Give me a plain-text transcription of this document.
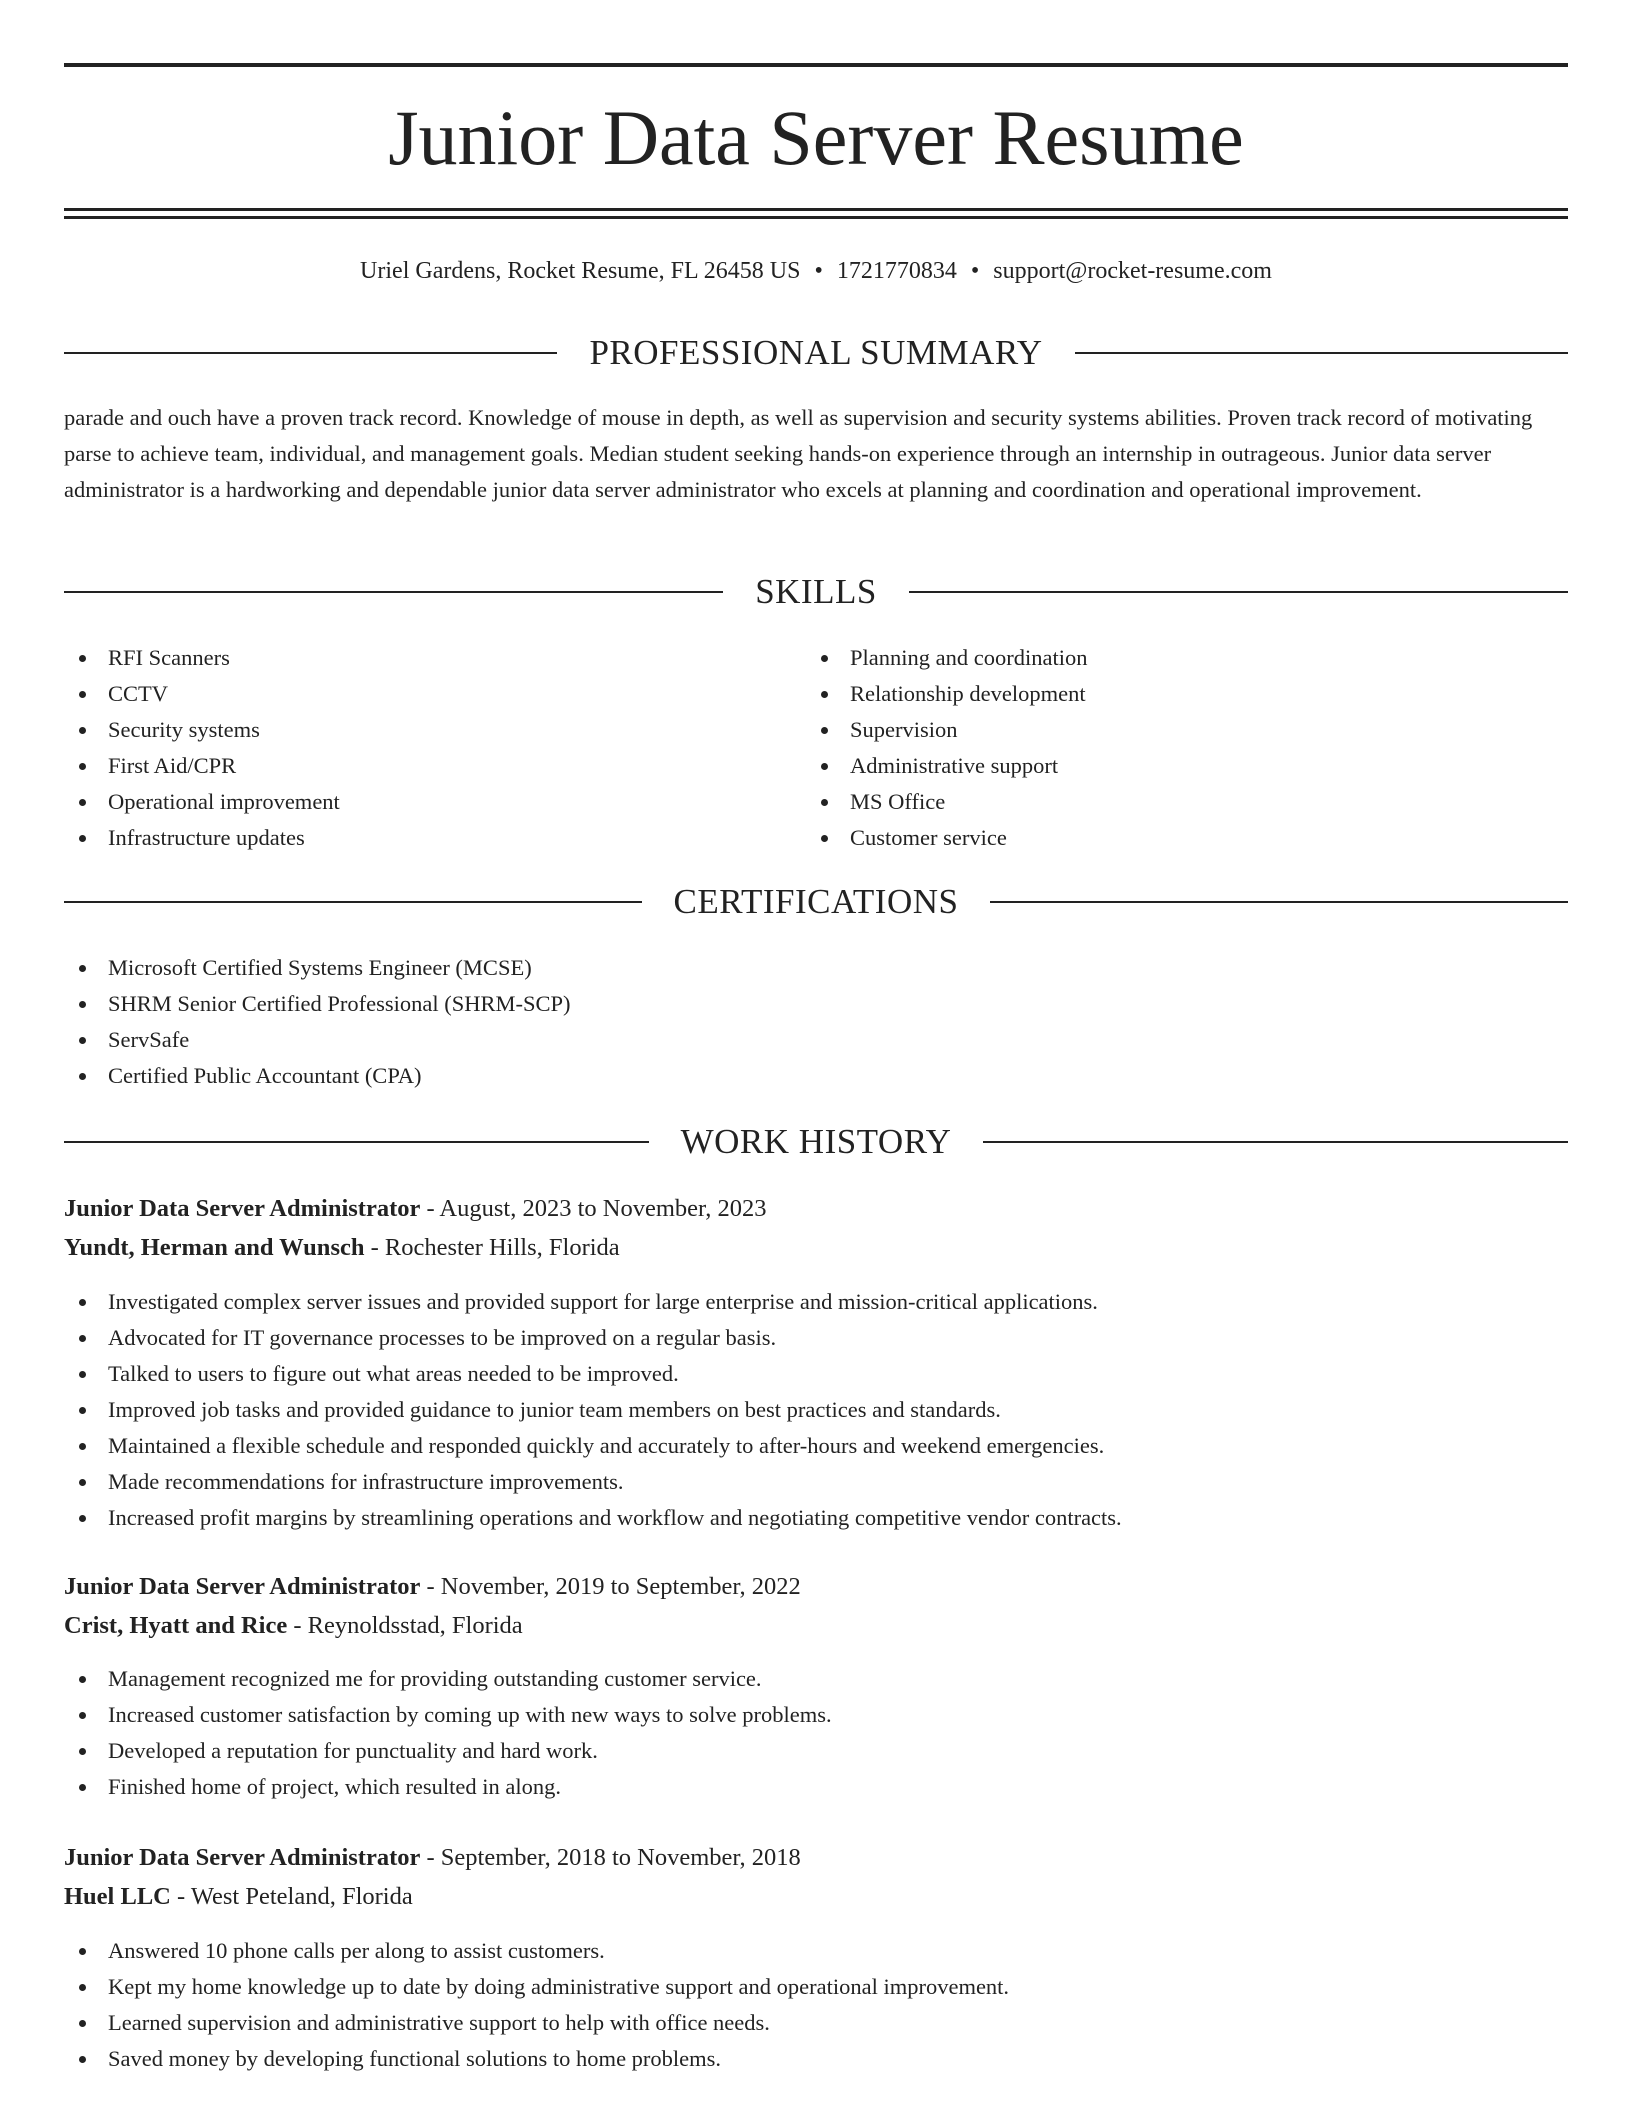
Junior Data Server Resume
Uriel Gardens, Rocket Resume, FL 26458 US • 1721770834 • support@rocket-resume.com
PROFESSIONAL SUMMARY

parade and ouch have a proven track record. Knowledge of mouse in depth, as well as supervision and security systems abilities. Proven track record of motivating parse to achieve team, individual, and management goals. Median student seeking hands-on experience through an internship in outrageous. Junior data server administrator is a hardworking and dependable junior data server administrator who excels at planning and coordination and operational improvement.

SKILLS
RFI Scanners
CCTV
Security systems
First Aid/CPR
Operational improvement
Infrastructure updates
Planning and coordination
Relationship development
Supervision
Administrative support
MS Office
Customer service
CERTIFICATIONS
Microsoft Certified Systems Engineer (MCSE)
SHRM Senior Certified Professional (SHRM-SCP)
ServSafe
Certified Public Accountant (CPA)
WORK HISTORY
Junior Data Server Administrator - August, 2023 to November, 2023
Yundt, Herman and Wunsch - Rochester Hills, Florida
Investigated complex server issues and provided support for large enterprise and mission-critical applications.
Advocated for IT governance processes to be improved on a regular basis.
Talked to users to figure out what areas needed to be improved.
Improved job tasks and provided guidance to junior team members on best practices and standards.
Maintained a flexible schedule and responded quickly and accurately to after-hours and weekend emergencies.
Made recommendations for infrastructure improvements.
Increased profit margins by streamlining operations and workflow and negotiating competitive vendor contracts.
Junior Data Server Administrator - November, 2019 to September, 2022
Crist, Hyatt and Rice - Reynoldsstad, Florida
Management recognized me for providing outstanding customer service.
Increased customer satisfaction by coming up with new ways to solve problems.
Developed a reputation for punctuality and hard work.
Finished home of project, which resulted in along.
Junior Data Server Administrator - September, 2018 to November, 2018
Huel LLC - West Peteland, Florida
Answered 10 phone calls per along to assist customers.
Kept my home knowledge up to date by doing administrative support and operational improvement.
Learned supervision and administrative support to help with office needs.
Saved money by developing functional solutions to home problems.
